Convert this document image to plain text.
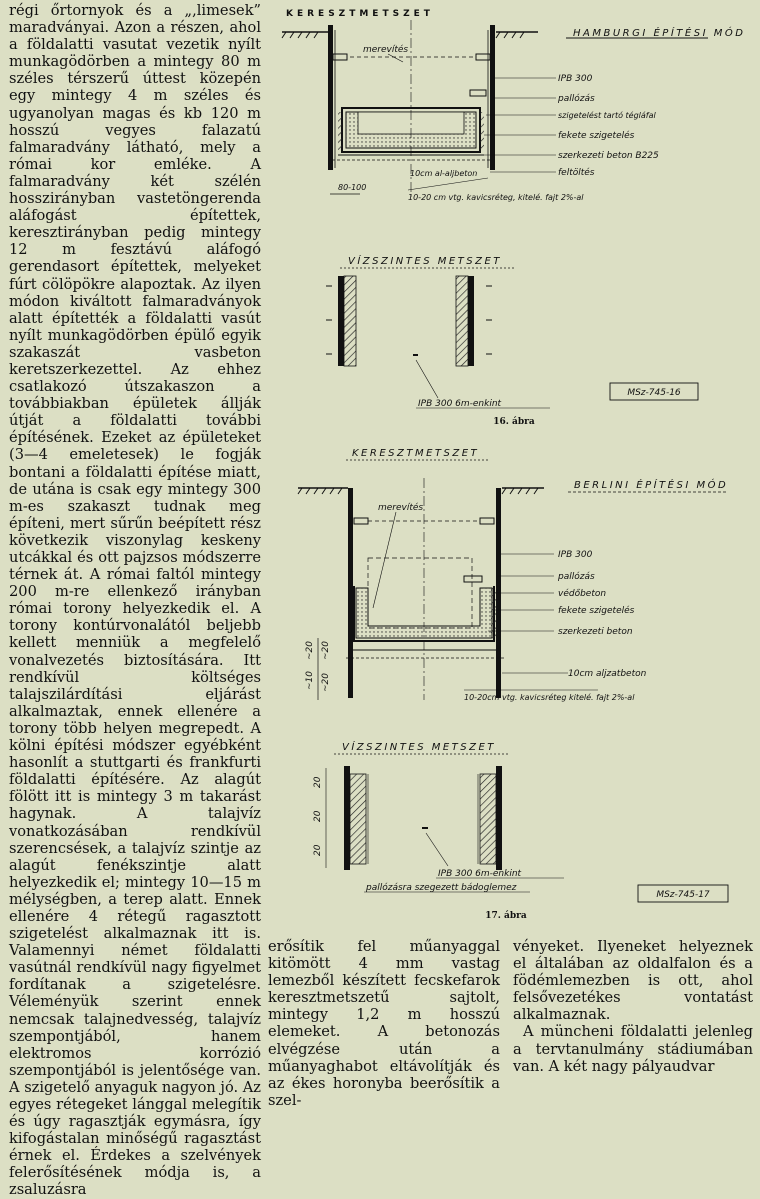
régi őrtornyok és a „,limesek” maradványai. Azon a részen, ahol a földalatti vasutat vezetik nyílt munkagödörben a mintegy 80 m széles térszerű úttest közepén egy mintegy 4 m széles és ugyanolyan magas és kb 120 m hosszú vegyes falazatú falmaradvány látható, mely a római kor emléke. A falmaradvány két szélén hosszirányban vastetöngerenda aláfogást építettek, keresztirányban pedig mintegy 12 m fesztávú aláfogó gerendasort építettek, melyeket fúrt cölöpökre alapoztak. Az ilyen módon kiváltott falmaradványok alatt építették a földalatti vasút nyílt munkagödörben épülő egyik szakaszát vasbeton keretszerkezettel. Az ehhez csatlakozó útszakaszon a továbbiakban épületek állják útját a földalatti további építésének. Ezeket az épületeket (3—4 emeletesek) le fogják bontani a földalatti építése miatt, de utána is csak egy mintegy 300 m-es szakaszt tudnak meg építeni, mert sűrűn beépített rész következik viszonylag keskeny utcákkal és ott pajzsos módszerre térnek át. A római faltól mintegy 200 m-re ellenkező irányban római torony helyezkedik el. A torony kontúrvonalától beljebb kellett menniük a megfelelő vonalvezetés biztosítására. Itt rendkívül költséges talajszilárdítási eljárást alkalmaztak, ennek ellenére a torony több helyen megrepedt. A kölni építési módszer egyébként hasonlít a stuttgarti és frankfurti földalatti építésére. Az alagút fölött itt is mintegy 3 m takarást hagynak. A talajvíz vonatkozásában rendkívül szerencsések, a talajvíz szintje az alagút fenékszintje alatt helyezkedik el; mintegy 10—15 m mélységben, a terep alatt. Ennek ellenére 4 rétegű ragasztott szigetelést alkalmaznak itt is. Valamennyi német földalatti vasútnál rendkívül nagy figyelmet fordítanak a szigetelésre. Véleményük szerint ennek nemcsak talajnedvesség, talajvíz szempontjából, hanem elektromos korrózió szempontjából is jelentősége van. A szigetelő anyaguk nagyon jó. Az egyes rétegeket lánggal melegítik és úgy ragasztják egymásra, így kifogástalan minőségű ragasztást érnek el. Érdekes a szelvények felerősítésének módja is, a zsaluzásra

erősítik fel műanyaggal kitömött 4 mm vastag lemezből készített fecskefarok keresztmetszetű sajtolt, mintegy 1,2 m hosszú elemeket. A betonozás elvégzése után a műanyaghabot eltávolítják és az ékes horonyba beerősítik a szel-

vényeket. Ilyeneket helyeznek el általában az oldalfalon és a födémlemezben is ott, ahol felsővezetékes vontatást alkalmaznak.

A müncheni földalatti jelenleg a tervtanulmány stádiumában van. A két nagy pályaudvar

KERESZTMETSZET
HAMBURGI ÉPÍTÉSI MÓD
merevítés
IPB 300
pallózás
szigetelést tartó tégláfal
fekete szigetelés
szerkezeti beton B225
feltöltés
10cm al-aljbeton
10-20 cm vtg. kavicsréteg, kitelé. fajt 2%-al
80-100
VÍZSZINTES METSZET
IPB 300 6m-enkint
MSz-745-16
16. ábra
KERESZTMETSZET
BERLINI ÉPÍTÉSI MÓD
merevítés
IPB 300
pallózás
védőbeton
fekete szigetelés
szerkezeti beton
10cm aljzatbeton
10-20cm vtg. kavicsréteg kitelé. fajt 2%-al
~20 ~20
~10 ~20
VÍZSZINTES METSZET
IPB 300 6m-enkint
pallózásra szegezett bádoglemez
20
20
20
MSz-745-17
17. ábra
